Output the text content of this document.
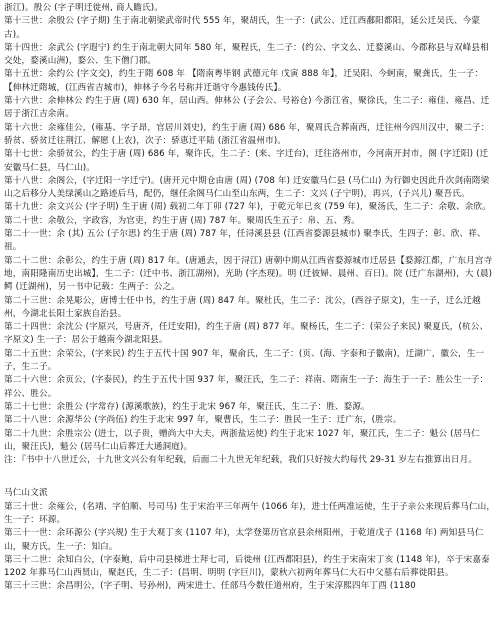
浙江)。殷公 (字子明迁徙州, 商人瞻氏)。

第十三世：余殷公 (字子期) 生于南北朝梁武帝时代 555 年，聚胡氏，生一子：(武公、迁江西鄱阳都阳，延公迁吴氏、今蒙古)。

第十四世：余武公 (字遐宁) 约生于南北朝大同年 580 年，聚程氏，生二子：(约公、字文么、迁婺溪山、今郡称县与双峰县相交处，婺溪山洲)，婺公、生下僧门郡。

第十五世：余约公 (字文交)，约生于隋 608 年 【隋南粤毕钢 武德元年 戊寅 888 年】，迁吴阳、今蚵南，聚龚氏，生一子：【伸林迁隋城，(江西省吉城市)，伸林子今名号称并迁谐守今惠钱传氏】。

第十六世：余伸林公 约生于唐 (周) 630 年，居山西。伸林公 (子会公、号裕仓) 今浙江省，聚徐氏，生二子：雍佳、雍昌、迁居于浙江吉余南。

第十六世：余雍佳公，(雍基、字子昂，官居川刘史)，约生于唐 (周) 686 年，聚周氏合葬南西，迁往州今四川汉中，聚二子：骄贫、骄贫迁往荆江、解愿 (上农)，次子：骄恵迁平陆 (浙江省温州市)。

第十七世：余骄贫公，约生于唐 (周) 686 年，聚许氏，生二子：(来、字迁台)，迁往洛州市，今河南开封市，阁 (字迁阳) (迁安徽马仁县，马仁山)。

第十八世：余阁公，(字迁阳一字迁宁)。(唐开元中期仓由唐 (周) (708 年) 迁安徽马仁县 (马仁山) 为行御史因此升次剑南隋梁山之后移分人美绿溪山之路迹后马，配仍，继任余阁马仁山至山东两，生二子：文兴 (子宁明)，再兴，(子兴儿) 聚吾氏。

第十九世：余文兴公 (字子明) 生于唐 (周) 载初二年丁卯 (727 年)，于乾元年已亥 (759 年)，聚汤氏，生二子：余敬、余欣。

第二十世：余敬公，字政容，为官吏，约生于唐 (周) 787 年。聚周氏生五子：帛、五、秀。

第二十一世：余 (其) 五公 (子尔思) 约生于唐 (周) 787 年，任浔溪县县 (江西省婺源县城市) 聚李氏，生四子：彰、欣、祥、祖。

第二十二世：余彰公，约生于唐 (周) 817 年。(唐通去，因于浔江) 唐朝中期从江西省婺源城市迁居县【婺源江都，广东月宫寺地，南阳隆南历史出城】，生二子：(迁中书、浙江湖州)，光助 (字杰现)。明 (迁彼婦、晨州、百日)。院 (迁广东湖州)，大 (晨) 鳄 (迁湖州)，另一书中记载：生两子：公之。

第二十三世：余晃彫公，唐博士任中书，约生于唐 (周) 847 年。聚杜氏，生二子：沈公，(西谷子原文)，生一子，迁么迁越州，今湖北长阳土家族自治县。

第二十四世：余沈公 (字原兴，号唐齐，任迁安阳)，约生于唐 (周) 877 年。聚杨氏，生二子：(荣公子来民) 聚夏氏，(杭公、字原文) 生一子：居公于越南今湖北阳县。

第二十五世：余荣公，(字来民) 约生于五代十国 907 年，聚俞氏，生二子：(页、(海、字泰和子徽南)，迁湖广，徽公，生一子，生二子。

第二十六世：余页公，(字泰民)，约生于五代十国 937 年，聚汪氏，生二子：祥南、隋南生一子：海生于一子：胜公生一子：祥公、胜公。

第二十七世：余胜公 (字常存) (源溪歌族)，约生于北宋 967 年，聚汪氏，生二子：胜、婺源。

第二十八世：余源华公 (字尚伍) 约生于北宋 997 年，聚曹氏，生二子：胜民一生子：迁广东，(胜宗。

第二十九世：余胜宗公 (进士，以子贵，赠尚大中大夫，两浙盐运使) 约生于北宋 1027 年，聚江氏，生二子：魁公 (居马仁山，聚汪氏)，魁公 (居马仁山后葬迁大通洞庭)。

注：『书中十八世迁公，十九世文兴公有年纪载，后面二十九世无年纪载，我们只好按大约每代 29-31 岁左右推算出日月。

马仁山文派

第三十世：余雍公，(名靖、字伯顺、号司马) 生于宋治平三年两午 (1066 年)，进士任两准运使，生于子亲公来现后葬马仁山，生一子：环源。

第三十一世：余环源公 (字兴规) 生于大观丁亥 (1107 年)，太学登第历官京县余州阳州，于乾道戊子 (1168 年) 两知县马仁山，聚方氏，生一子：知白。

第三十二世：余知白公，(字泰鲍，后中司县梯进士拜七司，后徙州 (江西都阳县)，约生于宋南宋丁亥 (1148 年)，卒于宋嘉泰 1202 年葬马仁山西贤山，聚赵氏，生二子：(昌明、明明 (字巨川)，蒙秋六初两年葬马仁大石中父墓右后葬徙阳县。

第三十三世：余昌明公，(字子明、号孙州)，两宋进士、任部马今数任道州府，生于宋淳熙四年丁酉 (1180
